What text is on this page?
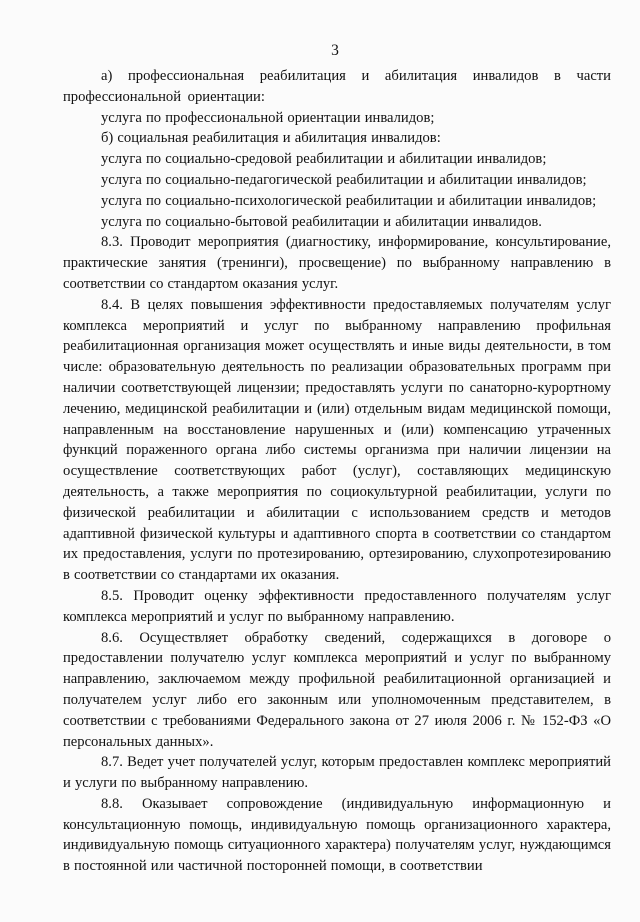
3

а) профессиональная реабилитация и абилитация инвалидов в части профессиональной ориентации:

услуга по профессиональной ориентации инвалидов;

б) социальная реабилитация и абилитация инвалидов:

услуга по социально-средовой реабилитации и абилитации инвалидов;

услуга по социально-педагогической реабилитации и абилитации инвалидов;

услуга по социально-психологической реабилитации и абилитации инвалидов;

услуга по социально-бытовой реабилитации и абилитации инвалидов.

8.3. Проводит мероприятия (диагностику, информирование, консультирование, практические занятия (тренинги), просвещение) по выбранному направлению в соответствии со стандартом оказания услуг.

8.4. В целях повышения эффективности предоставляемых получателям услуг комплекса мероприятий и услуг по выбранному направлению профильная реабилитационная организация может осуществлять и иные виды деятельности, в том числе: образовательную деятельность по реализации образовательных программ при наличии соответствующей лицензии; предоставлять услуги по санаторно-курортному лечению, медицинской реабилитации и (или) отдельным видам медицинской помощи, направленным на восстановление нарушенных и (или) компенсацию утраченных функций пораженного органа либо системы организма при наличии лицензии на осуществление соответствующих работ (услуг), составляющих медицинскую деятельность, а также мероприятия по социокультурной реабилитации, услуги по физической реабилитации и абилитации с использованием средств и методов адаптивной физической культуры и адаптивного спорта в соответствии со стандартом их предоставления, услуги по протезированию, ортезированию, слухопротезированию в соответствии со стандартами их оказания.

8.5. Проводит оценку эффективности предоставленного получателям услуг комплекса мероприятий и услуг по выбранному направлению.

8.6. Осуществляет обработку сведений, содержащихся в договоре о предоставлении получателю услуг комплекса мероприятий и услуг по выбранному направлению, заключаемом между профильной реабилитационной организацией и получателем услуг либо его законным или уполномоченным представителем, в соответствии с требованиями Федерального закона от 27 июля 2006 г. № 152-ФЗ «О персональных данных».

8.7. Ведет учет получателей услуг, которым предоставлен комплекс мероприятий и услуги по выбранному направлению.

8.8. Оказывает сопровождение (индивидуальную информационную и консультационную помощь, индивидуальную помощь организационного характера, индивидуальную помощь ситуационного характера) получателям услуг, нуждающимся в постоянной или частичной посторонней помощи, в соответствии
